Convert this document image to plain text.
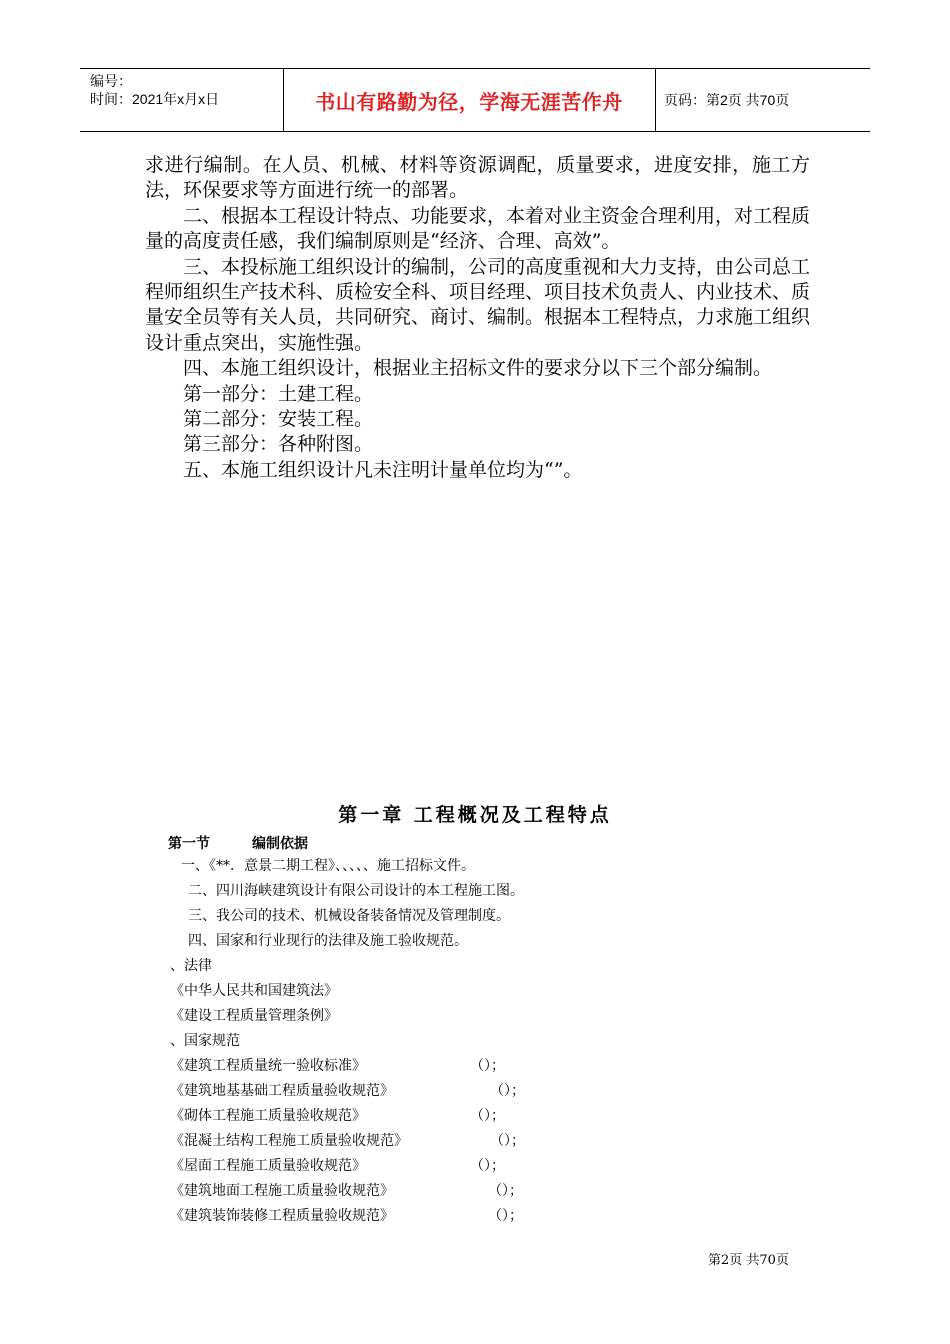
编号：
时间：2021年x月x日	书山有路勤为径，学海无涯苦作舟	页码：第2页 共70页

求进行编制。在人员、机械、材料等资源调配，质量要求，进度安排，施工方法，环保要求等方面进行统一的部署。

二、根据本工程设计特点、功能要求，本着对业主资金合理利用，对工程质量的高度责任感，我们编制原则是“经济、合理、高效”。

三、本投标施工组织设计的编制，公司的高度重视和大力支持，由公司总工程师组织生产技术科、质检安全科、项目经理、项目技术负责人、内业技术、质量安全员等有关人员，共同研究、商讨、编制。根据本工程特点，力求施工组织设计重点突出，实施性强。

四、本施工组织设计，根据业主招标文件的要求分以下三个部分编制。

第一部分：土建工程。

第二部分：安装工程。

第三部分：各种附图。

五、本施工组织设计凡未注明计量单位均为“”。

第一章 工程概况及工程特点
第一节	编制依据
一、《**．意景二期工程》、、、、、施工招标文件。
二、四川海峡建筑设计有限公司设计的本工程施工图。
三、我公司的技术、机械设备装备情况及管理制度。
四、国家和行业现行的法律及施工验收规范。
、法律
《中华人民共和国建筑法》
《建设工程质量管理条例》
、国家规范
《建筑工程质量统一验收标准》	（）；
《建筑地基基础工程质量验收规范》	（）；
《砌体工程施工质量验收规范》	（）；
《混凝土结构工程施工质量验收规范》	（）；
《屋面工程施工质量验收规范》	（）；
《建筑地面工程施工质量验收规范》	（）；
《建筑装饰装修工程质量验收规范》	（）；
第2页 共70页
